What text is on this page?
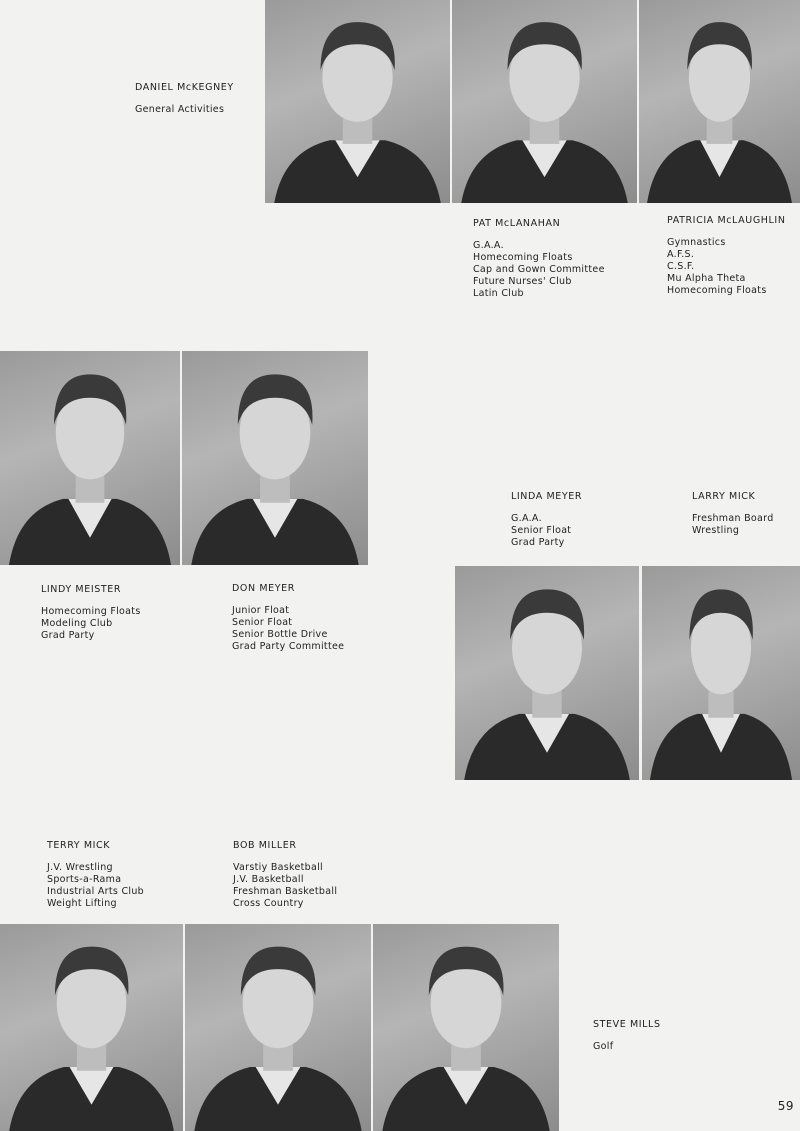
DANIEL McKEGNEY
General Activities
PAT McLANAHAN
G.A.A.
Homecoming Floats
Cap and Gown Committee
Future Nurses' Club
Latin Club
PATRICIA McLAUGHLIN
Gymnastics
A.F.S.
C.S.F.
Mu Alpha Theta
Homecoming Floats
LINDY MEISTER
Homecoming Floats
Modeling Club
Grad Party
DON MEYER
Junior Float
Senior Float
Senior Bottle Drive
Grad Party Committee
LINDA MEYER
G.A.A.
Senior Float
Grad Party
LARRY MICK
Freshman Board
Wrestling
TERRY MICK
J.V. Wrestling
Sports-a-Rama
Industrial Arts Club
Weight Lifting
BOB MILLER
Varstiy Basketball
J.V. Basketball
Freshman Basketball
Cross Country
STEVE MILLS
Golf
59
